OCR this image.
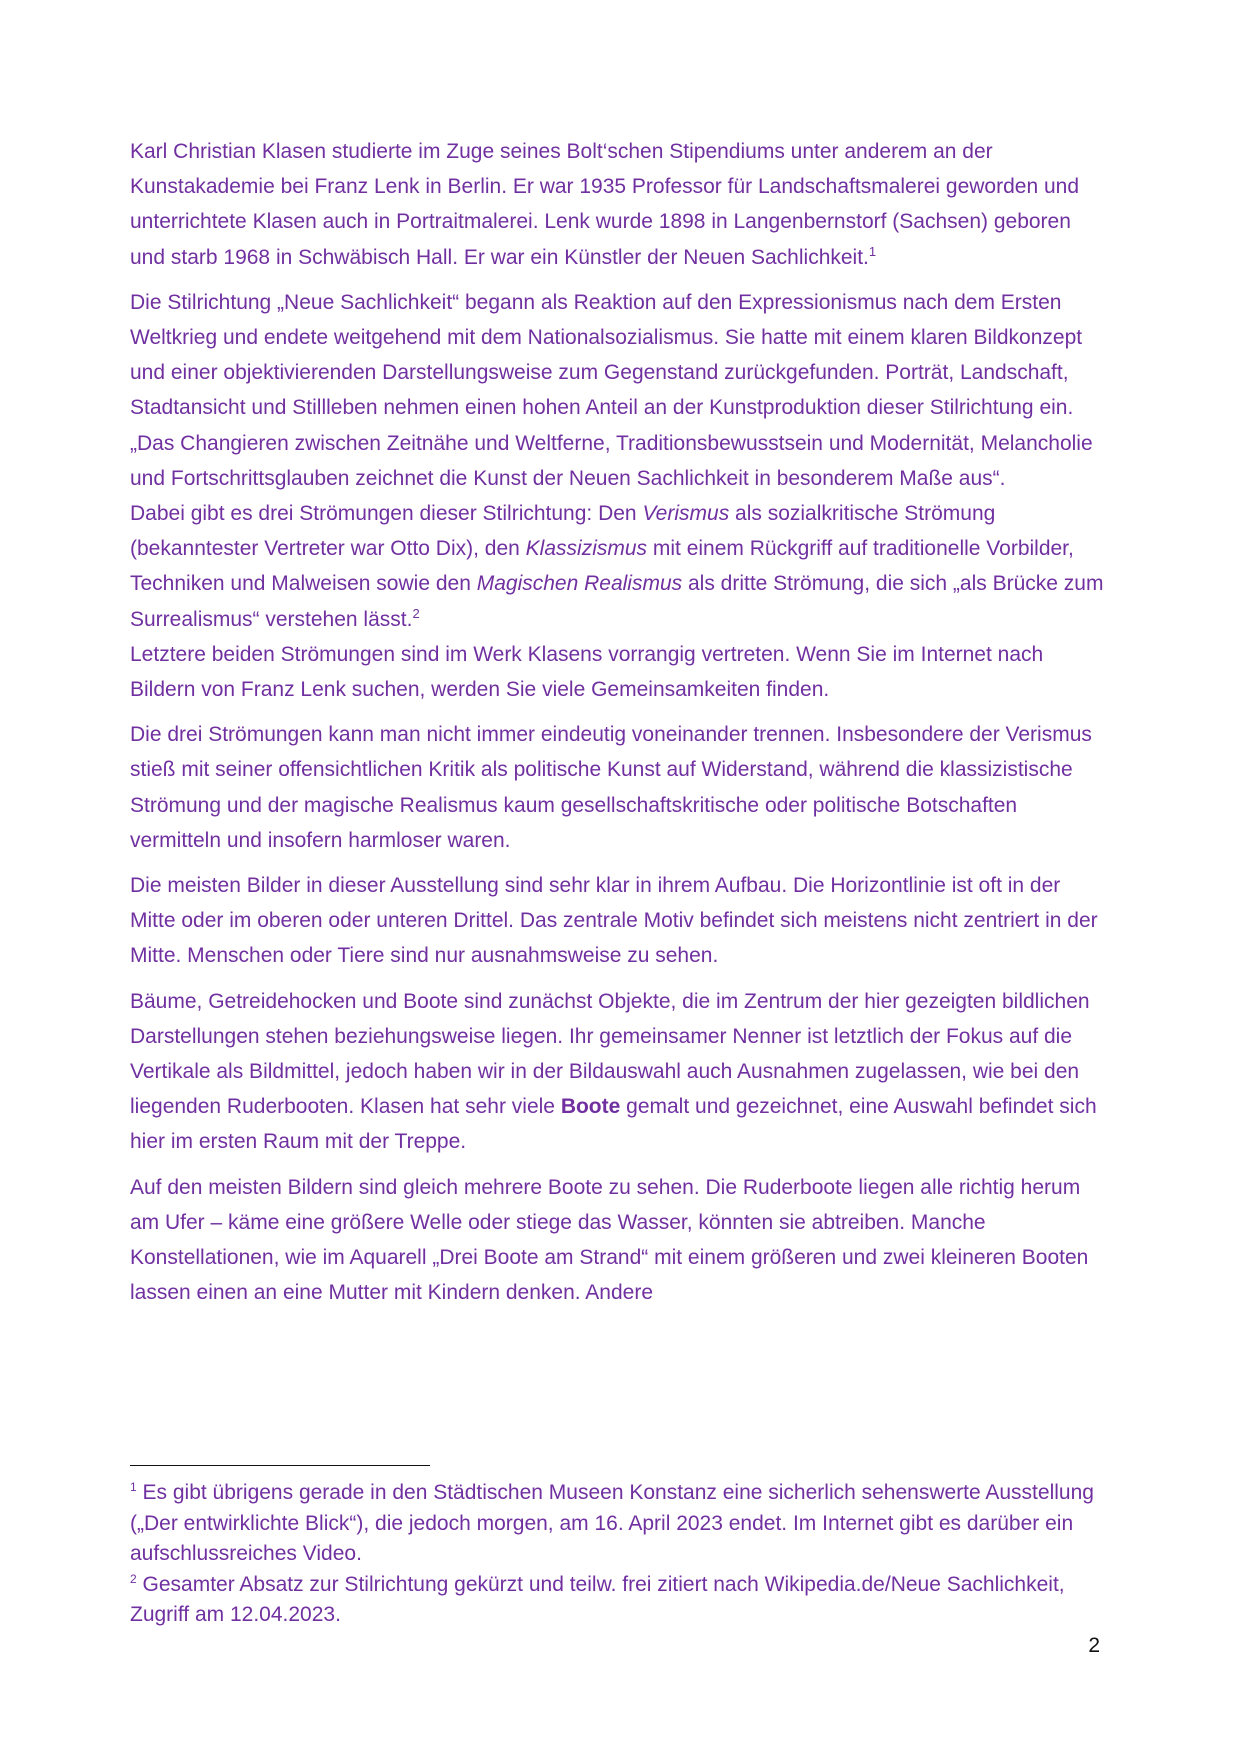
Karl Christian Klasen studierte im Zuge seines Bolt‘schen Stipendiums unter anderem an der Kunstakademie bei Franz Lenk in Berlin. Er war 1935 Professor für Landschaftsmalerei geworden und unterrichtete Klasen auch in Portraitmalerei. Lenk wurde 1898 in Langenbernstorf (Sachsen) geboren und starb 1968 in Schwäbisch Hall. Er war ein Künstler der Neuen Sachlichkeit.$^1$

Die Stilrichtung „Neue Sachlichkeit“ begann als Reaktion auf den Expressionismus nach dem Ersten Weltkrieg und endete weitgehend mit dem Nationalsozialismus. Sie hatte mit einem klaren Bildkonzept und einer objektivierenden Darstellungsweise zum Gegenstand zurückgefunden. Porträt, Landschaft, Stadtansicht und Stillleben nehmen einen hohen Anteil an der Kunstproduktion dieser Stilrichtung ein. „Das Changieren zwischen Zeitnähe und Weltferne, Traditionsbewusstsein und Modernität, Melancholie und Fortschrittsglauben zeichnet die Kunst der Neuen Sachlichkeit in besonderem Maße aus“.

Dabei gibt es drei Strömungen dieser Stilrichtung: Den Verismus als sozialkritische Strömung (bekanntester Vertreter war Otto Dix), den Klassizismus mit einem Rückgriff auf traditionelle Vorbilder, Techniken und Malweisen sowie den Magischen Realismus als dritte Strömung, die sich „als Brücke zum Surrealismus“ verstehen lässt.$^2$

Letztere beiden Strömungen sind im Werk Klasens vorrangig vertreten. Wenn Sie im Internet nach Bildern von Franz Lenk suchen, werden Sie viele Gemeinsamkeiten finden.

Die drei Strömungen kann man nicht immer eindeutig voneinander trennen. Insbesondere der Verismus stieß mit seiner offensichtlichen Kritik als politische Kunst auf Widerstand, während die klassizistische Strömung und der magische Realismus kaum gesellschaftskritische oder politische Botschaften vermitteln und insofern harmloser waren.

Die meisten Bilder in dieser Ausstellung sind sehr klar in ihrem Aufbau. Die Horizontlinie ist oft in der Mitte oder im oberen oder unteren Drittel. Das zentrale Motiv befindet sich meistens nicht zentriert in der Mitte. Menschen oder Tiere sind nur ausnahmsweise zu sehen.

Bäume, Getreidehocken und Boote sind zunächst Objekte, die im Zentrum der hier gezeigten bildlichen Darstellungen stehen beziehungsweise liegen. Ihr gemeinsamer Nenner ist letztlich der Fokus auf die Vertikale als Bildmittel, jedoch haben wir in der Bildauswahl auch Ausnahmen zugelassen, wie bei den liegenden Ruderbooten. Klasen hat sehr viele Boote gemalt und gezeichnet, eine Auswahl befindet sich hier im ersten Raum mit der Treppe.

Auf den meisten Bildern sind gleich mehrere Boote zu sehen. Die Ruderboote liegen alle richtig herum am Ufer – käme eine größere Welle oder stiege das Wasser, könnten sie abtreiben. Manche Konstellationen, wie im Aquarell „Drei Boote am Strand“ mit einem größeren und zwei kleineren Booten lassen einen an eine Mutter mit Kindern denken. Andere

$^1$ Es gibt übrigens gerade in den Städtischen Museen Konstanz eine sicherlich sehenswerte Ausstellung („Der entwirklichte Blick“), die jedoch morgen, am 16. April 2023 endet. Im Internet gibt es darüber ein aufschlussreiches Video.

$^2$ Gesamter Absatz zur Stilrichtung gekürzt und teilw. frei zitiert nach Wikipedia.de/Neue Sachlichkeit, Zugriff am 12.04.2023.

2
